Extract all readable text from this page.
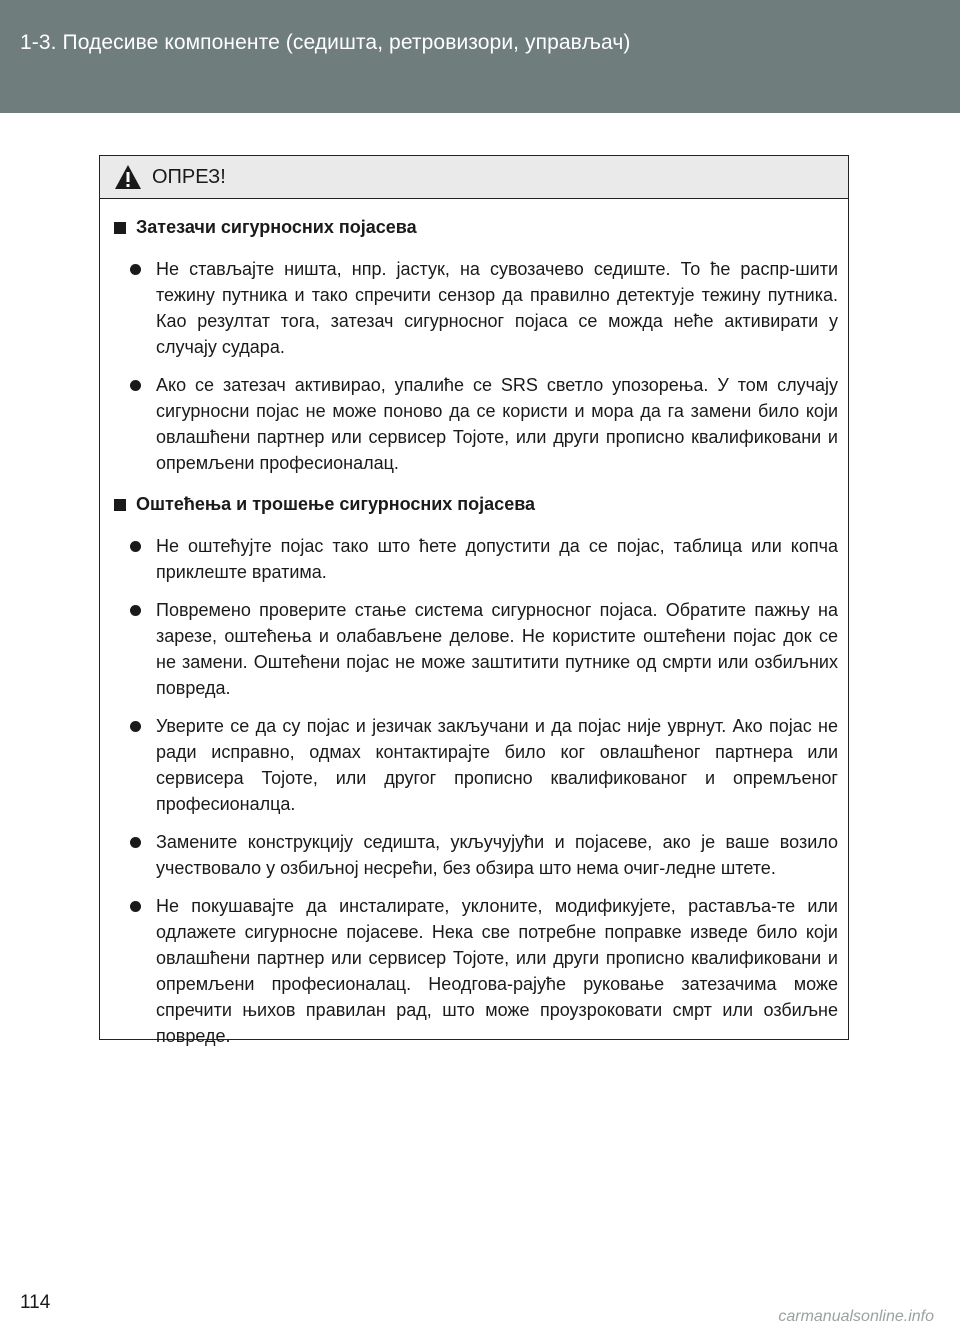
1-3. Подесиве компоненте (седишта, ретровизори, управљач)
ОПРЕЗ!
Затезачи сигурносних појасева
Не стављајте ништа, нпр. јастук, на сувозачево седиште. То ће распр-шити тежину путника и тако спречити сензор да правилно детектује тежину путника. Као резултат тога, затезач сигурносног појаса се можда неће активирати у случају судара.
Ако се затезач активирао, упалиће се SRS светло упозорења. У том случају сигурносни појас не може поново да се користи и мора да га замени било који овлашћени партнер или сервисер Тојоте, или други прописно квалификовани и опремљени професионалац.
Оштећења и трошење сигурносних појасева
Не оштећујте појас тако што ћете допустити да се појас, таблица или копча приклеште вратима.
Повремено проверите стање система сигурносног појаса. Обратите пажњу на зарезе, оштећења и олабављене делове. Не користите оштећени појас док се не замени. Оштећени појас не може заштитити путнике од смрти или озбиљних повреда.
Уверите се да су појас и језичак закључани и да појас није уврнут. Ако појас не ради исправно, одмах контактирајте било ког овлашћеног партнера или сервисера Тојоте, или другог прописно квалификованог и опремљеног професионалца.
Замените конструкцију седишта, укључујући и појасеве, ако је ваше возило учествовало у озбиљној несрећи, без обзира што нема очиг-ледне штете.
Не покушавајте да инсталирате, уклоните, модификујете, раставља-те или одлажете сигурносне појасеве. Нека све потребне поправке изведе било који овлашћени партнер или сервисер Тојоте, или други прописно квалификовани и опремљени професионалац. Неодгова-рајуће руковање затезачима може спречити њихов правилан рад, што може проузроковати смрт или озбиљне повреде.
114
carmanualsonline.info
